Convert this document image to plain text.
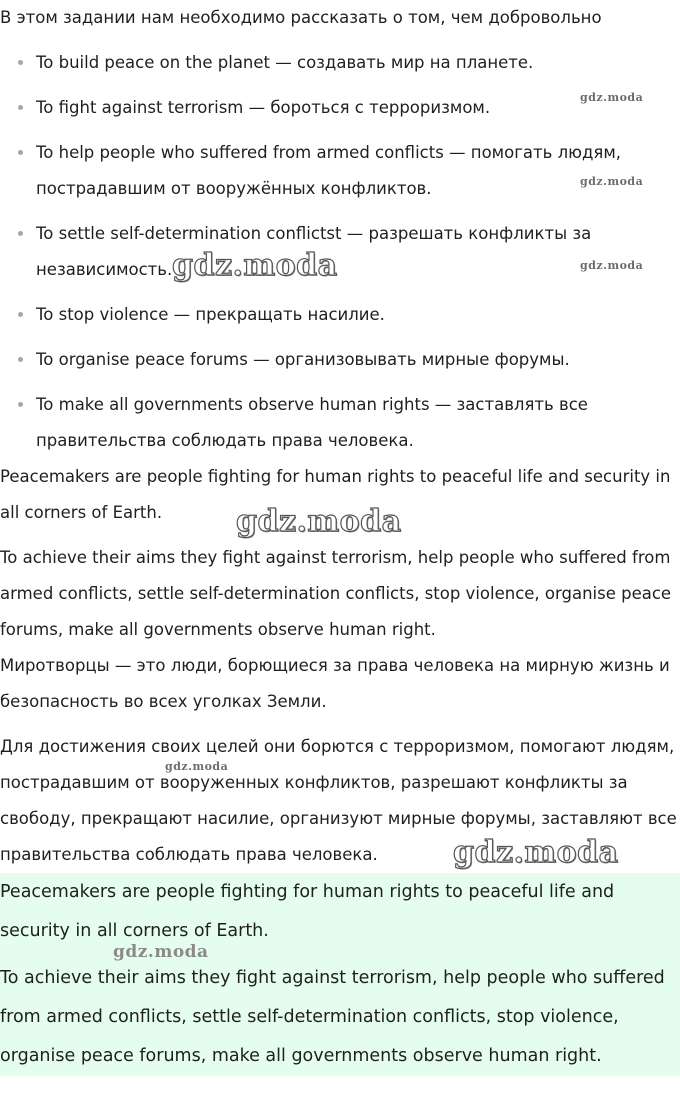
В этом задании нам необходимо рассказать о том, чем добровольно

To build peace on the planet — создавать мир на планете.
To fight against terrorism — бороться с терроризмом.
To help people who suffered from armed conflicts — помогать людям, пострадавшим от вооружённых конфликтов.
To settle self-determination conflictst — разрешать конфликты за независимость.
To stop violence — прекращать насилие.
To organise peace forums — организовывать мирные форумы.
To make all governments observe human rights — заставлять все правительства соблюдать права человека.

Peacemakers are people fighting for human rights to peaceful life and security in all corners of Earth.

To achieve their aims they fight against terrorism, help people who suffered from armed conflicts, settle self-determination conflicts, stop violence, organise peace forums, make all governments observe human right.

Миротворцы — это люди, борющиеся за права человека на мирную жизнь и безопасность во всех уголках Земли.

Для достижения своих целей они борются с терроризмом, помогают людям, пострадавшим от вооруженных конфликтов, разрешают конфликты за свободу, прекращают насилие, организуют мирные форумы, заставляют все правительства соблюдать права человека.

Peacemakers are people fighting for human rights to peaceful life and security in all corners of Earth.

To achieve their aims they fight against terrorism, help people who suffered from armed conflicts, settle self-determination conflicts, stop violence, organise peace forums, make all governments observe human right.

gdz.moda
gdz.moda
gdz.moda
gdz.moda
gdz.moda
gdz.moda
gdz.moda
gdz.moda
